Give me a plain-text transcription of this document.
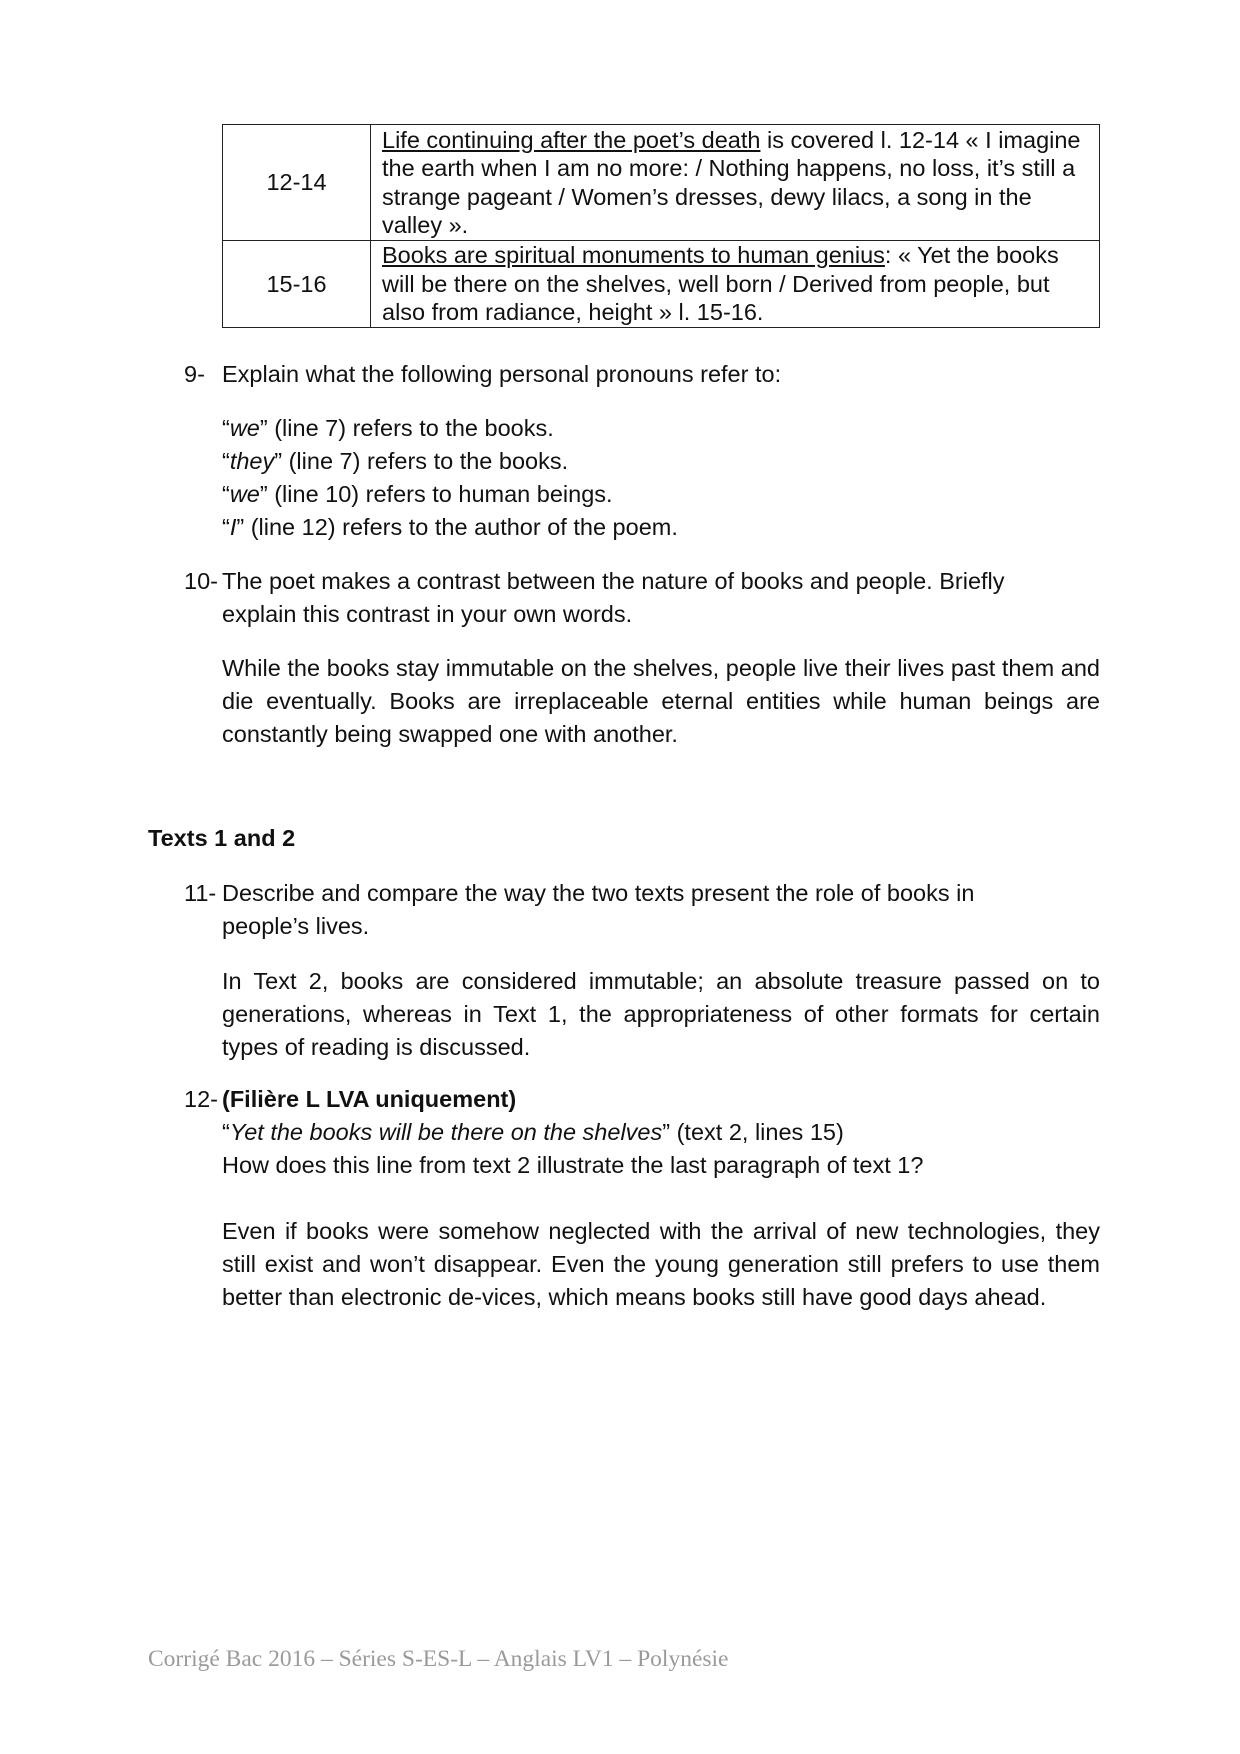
12-14	Life continuing after the poet’s death is covered l. 12-14 « I imagine the earth when I am no more: / Nothing happens, no loss, it’s still a strange pageant / Women’s dresses, dewy lilacs, a song in the valley ».
15-16	Books are spiritual monuments to human genius: « Yet the books will be there on the shelves, well born / Derived from people, but also from radiance, height » l. 15-16.
9- Explain what the following personal pronouns refer to:
“we” (line 7) refers to the books.
“they” (line 7) refers to the books.
“we” (line 10) refers to human beings.
“I” (line 12) refers to the author of the poem.
10- The poet makes a contrast between the nature of books and people. Briefly explain this contrast in your own words.
While the books stay immutable on the shelves, people live their lives past them and die eventually. Books are irreplaceable eternal entities while human beings are constantly being swapped one with another.
Texts 1 and 2
11- Describe and compare the way the two texts present the role of books in people’s lives.
In Text 2, books are considered immutable; an absolute treasure passed on to generations, whereas in Text 1, the appropriateness of other formats for certain types of reading is discussed.
12- (Filière L LVA uniquement)
“Yet the books will be there on the shelves” (text 2, lines 15)
How does this line from text 2 illustrate the last paragraph of text 1?
Even if books were somehow neglected with the arrival of new technologies, they still exist and won’t disappear. Even the young generation still prefers to use them better than electronic de-vices, which means books still have good days ahead.
Corrigé Bac 2016 – Séries S-ES-L – Anglais LV1 – Polynésie
